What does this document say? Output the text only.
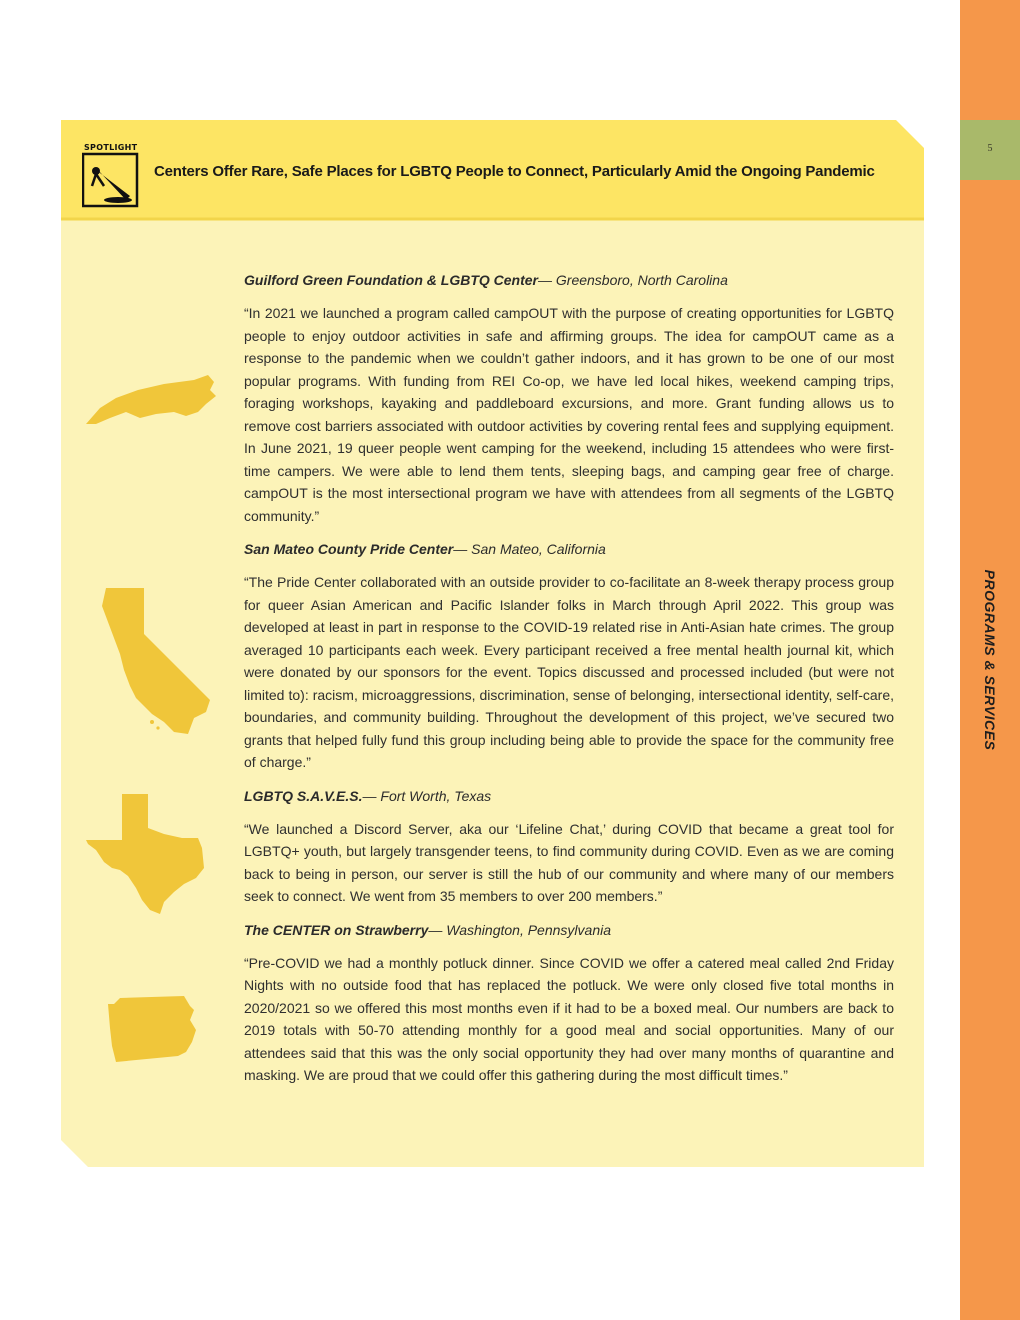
5
PROGRAMS & SERVICES
SPOTLIGHT
Centers Offer Rare, Safe Places for LGBTQ People to Connect, Particularly Amid the Ongoing Pandemic
Guilford Green Foundation & LGBTQ Center— Greensboro, North Carolina

“In 2021 we launched a program called campOUT with the purpose of creating opportunities for LGBTQ people to enjoy outdoor activities in safe and affirming groups. The idea for campOUT came as a response to the pandemic when we couldn’t gather indoors, and it has grown to be one of our most popular programs. With funding from REI Co-op, we have led local hikes, weekend camping trips, foraging workshops, kayaking and paddleboard excursions, and more. Grant funding allows us to remove cost barriers associated with outdoor activities by covering rental fees and supplying equipment. In June 2021, 19 queer people went camping for the weekend, including 15 attendees who were first-time campers. We were able to lend them tents, sleeping bags, and camping gear free of charge. campOUT is the most intersectional program we have with attendees from all segments of the LGBTQ community.”

San Mateo County Pride Center— San Mateo, California

“The Pride Center collaborated with an outside provider to co-facilitate an 8-week therapy process group for queer Asian American and Pacific Islander folks in March through April 2022. This group was developed at least in part in response to the COVID-19 related rise in Anti-Asian hate crimes. The group averaged 10 participants each week. Every participant received a free mental health journal kit, which were donated by our sponsors for the event. Topics discussed and processed included (but were not limited to): racism, microaggressions, discrimination, sense of belonging, intersectional identity, self-care, boundaries, and community building. Throughout the development of this project, we’ve secured two grants that helped fully fund this group including being able to provide the space for the community free of charge.”

LGBTQ S.A.V.E.S.— Fort Worth, Texas

“We launched a Discord Server, aka our ‘Lifeline Chat,’ during COVID that became a great tool for LGBTQ+ youth, but largely transgender teens, to find community during COVID. Even as we are coming back to being in person, our server is still the hub of our community and where many of our members seek to connect. We went from 35 members to over 200 members.”

The CENTER on Strawberry— Washington, Pennsylvania

“Pre-COVID we had a monthly potluck dinner. Since COVID we offer a catered meal called 2nd Friday Nights with no outside food that has replaced the potluck. We were only closed five total months in 2020/2021 so we offered this most months even if it had to be a boxed meal. Our numbers are back to 2019 totals with 50-70 attending monthly for a good meal and social opportunities. Many of our attendees said that this was the only social opportunity they had over many months of quarantine and masking. We are proud that we could offer this gathering during the most difficult times.”
